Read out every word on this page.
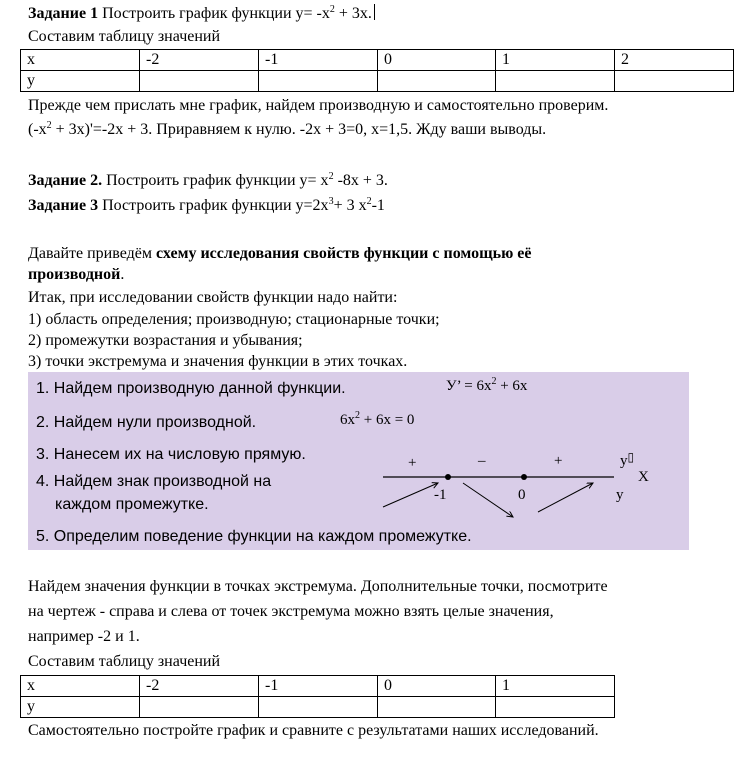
Задание 1 Построить график функции $у= -x^2 + 3x$.
Составим таблицу значений
x	-2	-1	0	1	2
y					
Прежде чем прислать мне график, найдем производную и самостоятельно проверим.
$(-x^2 + 3x)'=-2x + 3$. Приравняем к нулю. -2x + 3=0, x=1,5. Жду ваши выводы.
Задание 2. Построить график функции $у= x^2$ -8x + 3.
Задание 3 Построить график функции $у=2x^3+ 3$ $x^2-1$
Давайте приведём схему исследования свойств функции с помощью её
производной.
Итак, при исследовании свойств функции надо найти:
1) область определения; производную; стационарные точки;
2) промежутки возрастания и убывания;
3) точки экстремума и значения функции в этих точках.
1. Найдем производную данной функции.	У’ = $6x^2 + 6x$
2. Найдем нули производной.	$6x^2 + 6x = 0$
3. Нанесем их на числовую прямую.
4. Найдем знак производной на
каждом промежутке.
5. Определим поведение функции на каждом промежутке.
+	–	+
-1	0
у▯
X
у
Найдем значения функции в точках экстремума. Дополнительные точки, посмотрите
на чертеж - справа и слева от точек экстремума можно взять целые значения,
например -2 и 1.
Составим таблицу значений
x	-2	-1	0	1
y				
Самостоятельно постройте график и сравните с результатами наших исследований.
